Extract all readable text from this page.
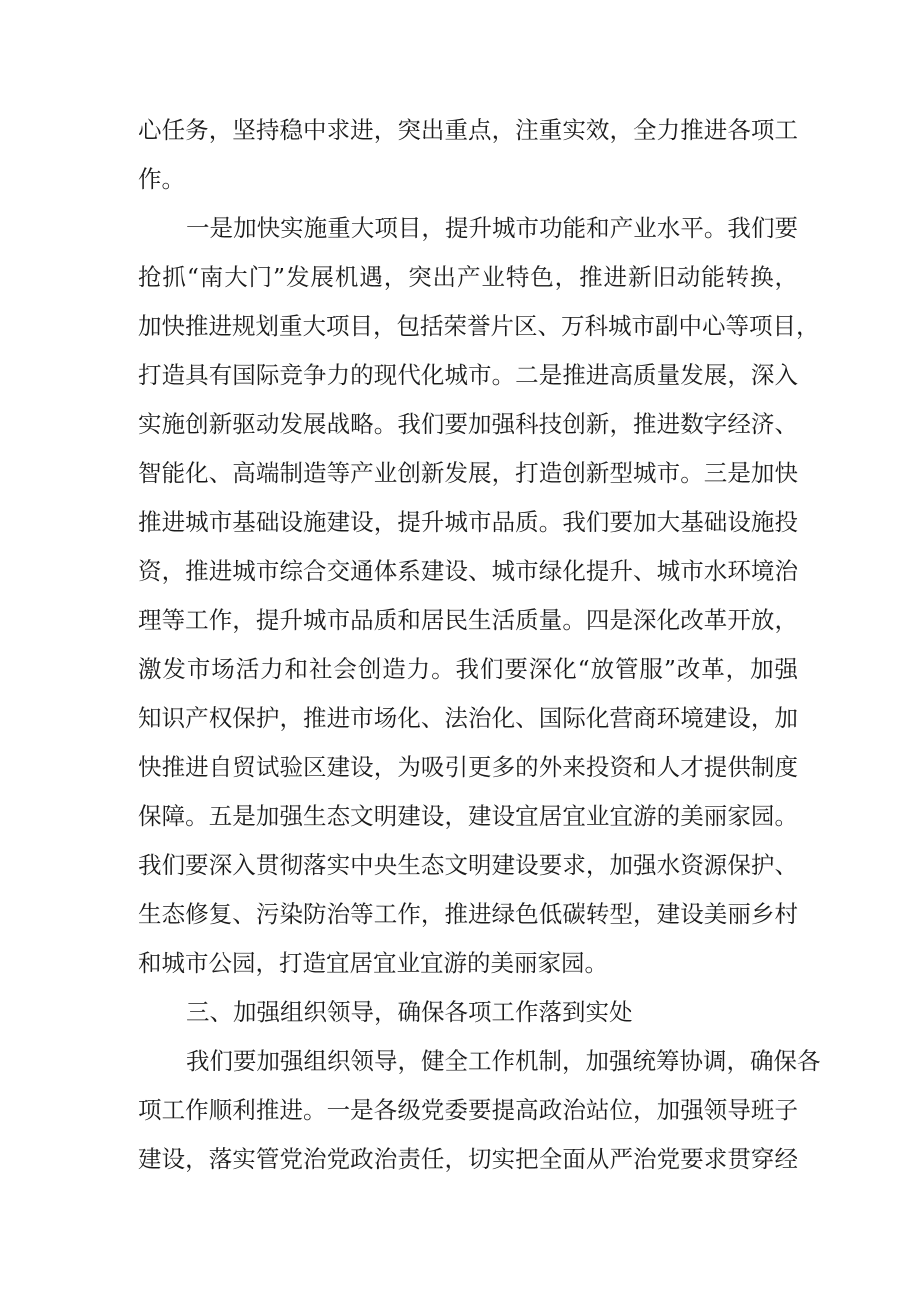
心任务，坚持稳中求进，突出重点，注重实效，全力推进各项工
作。
一是加快实施重大项目，提升城市功能和产业水平。我们要
抢抓“南大门”发展机遇，突出产业特色，推进新旧动能转换，
加快推进规划重大项目，包括荣誉片区、万科城市副中心等项目，
打造具有国际竞争力的现代化城市。二是推进高质量发展，深入
实施创新驱动发展战略。我们要加强科技创新，推进数字经济、
智能化、高端制造等产业创新发展，打造创新型城市。三是加快
推进城市基础设施建设，提升城市品质。我们要加大基础设施投
资，推进城市综合交通体系建设、城市绿化提升、城市水环境治
理等工作，提升城市品质和居民生活质量。四是深化改革开放，
激发市场活力和社会创造力。我们要深化“放管服”改革，加强
知识产权保护，推进市场化、法治化、国际化营商环境建设，加
快推进自贸试验区建设，为吸引更多的外来投资和人才提供制度
保障。五是加强生态文明建设，建设宜居宜业宜游的美丽家园。
我们要深入贯彻落实中央生态文明建设要求，加强水资源保护、
生态修复、污染防治等工作，推进绿色低碳转型，建设美丽乡村
和城市公园，打造宜居宜业宜游的美丽家园。
三、加强组织领导，确保各项工作落到实处
我们要加强组织领导，健全工作机制，加强统筹协调，确保各
项工作顺利推进。一是各级党委要提高政治站位，加强领导班子
建设，落实管党治党政治责任，切实把全面从严治党要求贯穿经
